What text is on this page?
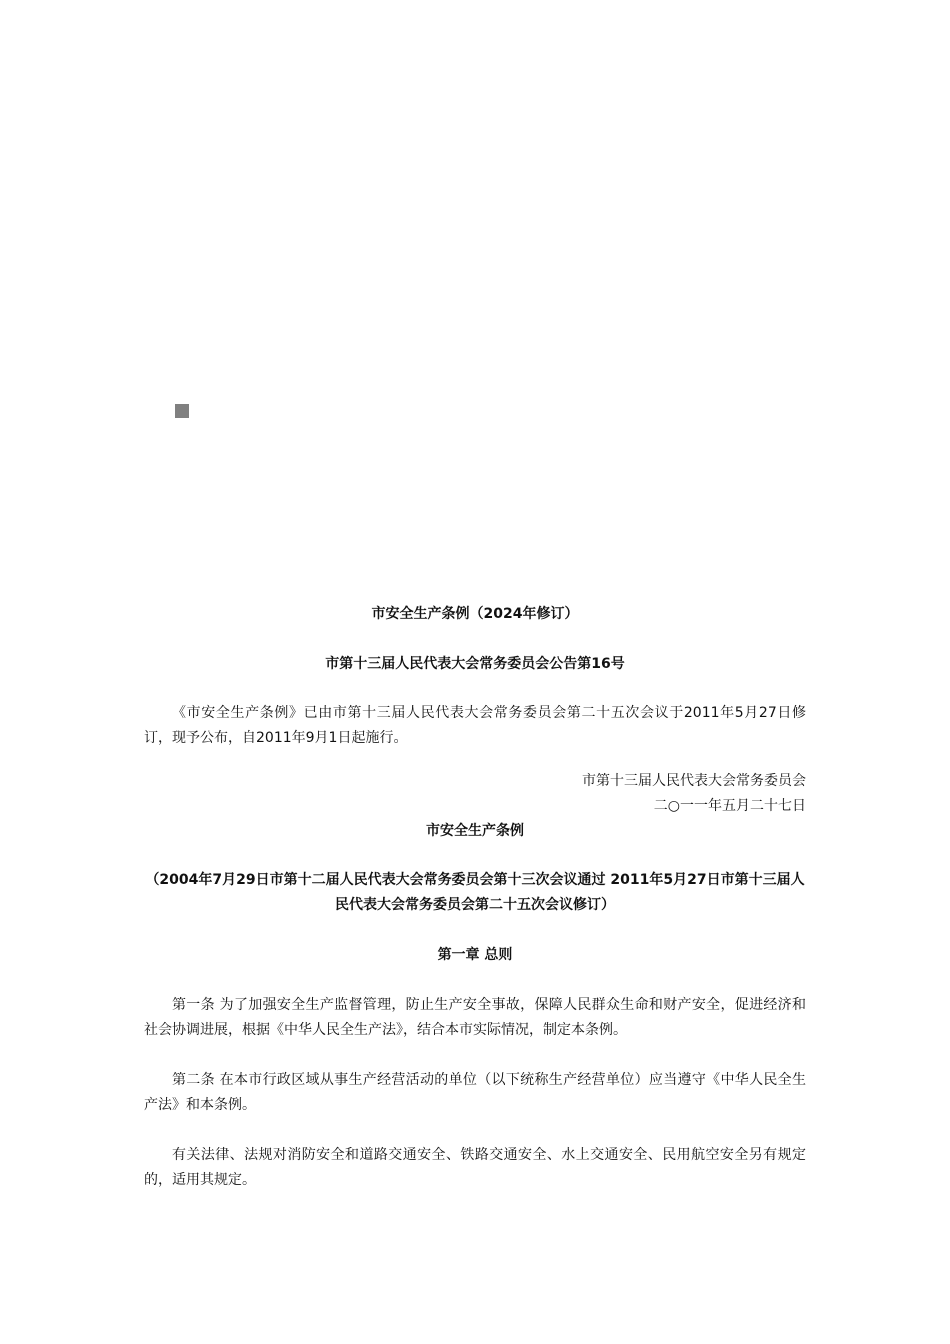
市安全生产条例（2024年修订）

市第十三届人民代表大会常务委员会公告第16号

《市安全生产条例》已由市第十三届人民代表大会常务委员会第二十五次会议于2011年5月27日修订，现予公布，自2011年9月1日起施行。

市第十三届人民代表大会常务委员会

二○一一年五月二十七日

市安全生产条例

（2004年7月29日市第十二届人民代表大会常务委员会第十三次会议通过 2011年5月27日市第十三届人民代表大会常务委员会第二十五次会议修订）

第一章 总则

第一条 为了加强安全生产监督管理，防止生产安全事故，保障人民群众生命和财产安全，促进经济和社会协调进展，根据《中华人民全生产法》，结合本市实际情况，制定本条例。

第二条 在本市行政区域从事生产经营活动的单位（以下统称生产经营单位）应当遵守《中华人民全生产法》和本条例。

有关法律、法规对消防安全和道路交通安全、铁路交通安全、水上交通安全、民用航空安全另有规定的，适用其规定。
